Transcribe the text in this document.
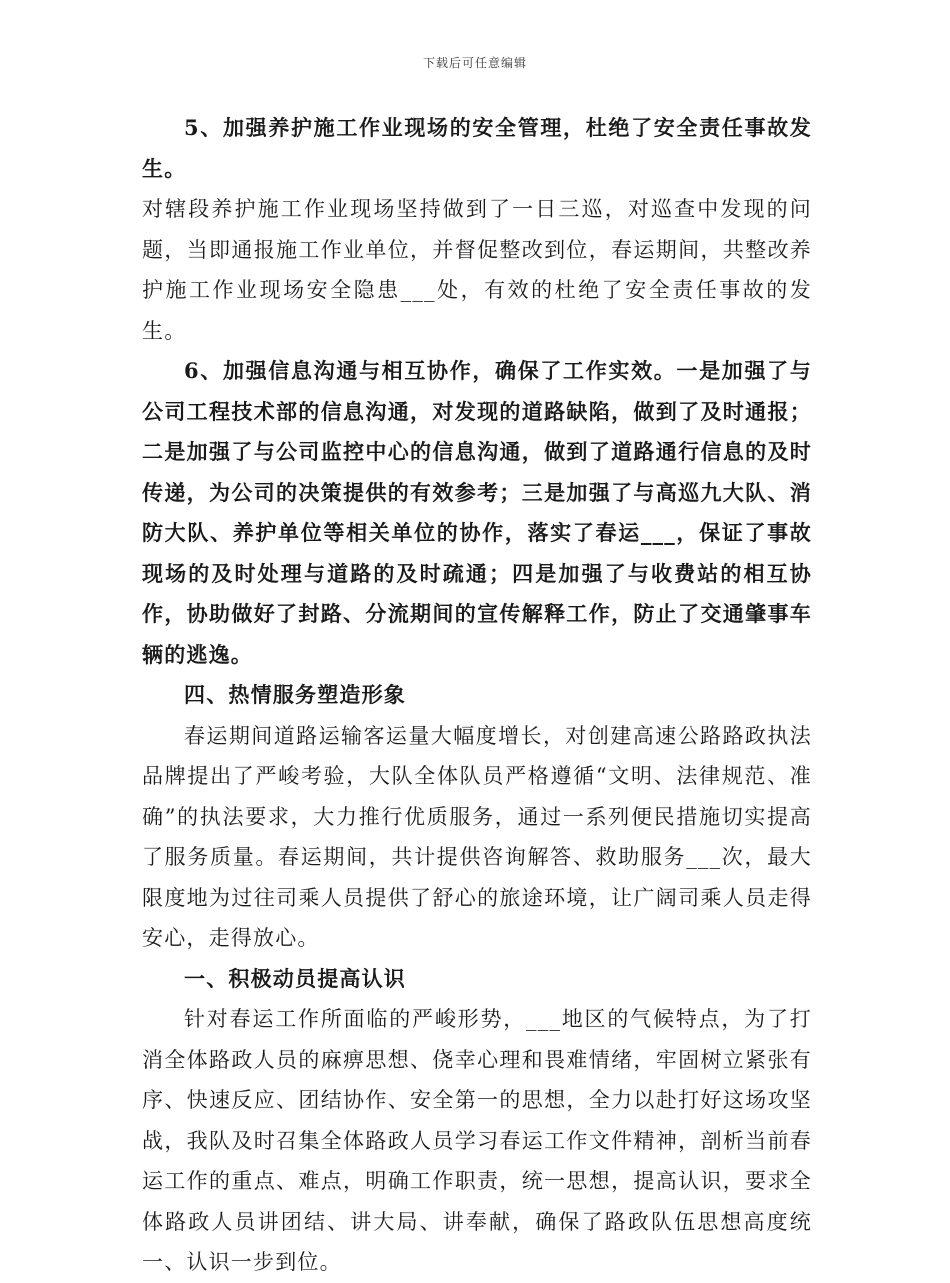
下载后可任意编辑

5、加强养护施工作业现场的安全管理，杜绝了安全责任事故发生。

对辖段养护施工作业现场坚持做到了一日三巡，对巡查中发现的问题，当即通报施工作业单位，并督促整改到位，春运期间，共整改养护施工作业现场安全隐患___处，有效的杜绝了安全责任事故的发生。

6、加强信息沟通与相互协作，确保了工作实效。一是加强了与公司工程技术部的信息沟通，对发现的道路缺陷，做到了及时通报；二是加强了与公司监控中心的信息沟通，做到了道路通行信息的及时传递，为公司的决策提供的有效参考；三是加强了与高巡九大队、消防大队、养护单位等相关单位的协作，落实了春运___，保证了事故现场的及时处理与道路的及时疏通；四是加强了与收费站的相互协作，协助做好了封路、分流期间的宣传解释工作，防止了交通肇事车辆的逃逸。

四、热情服务塑造形象

春运期间道路运输客运量大幅度增长，对创建高速公路路政执法品牌提出了严峻考验，大队全体队员严格遵循“文明、法律规范、准确”的执法要求，大力推行优质服务，通过一系列便民措施切实提高了服务质量。春运期间，共计提供咨询解答、救助服务___次，最大限度地为过往司乘人员提供了舒心的旅途环境，让广阔司乘人员走得安心，走得放心。

一、积极动员提高认识

针对春运工作所面临的严峻形势，___地区的气候特点，为了打消全体路政人员的麻痹思想、侥幸心理和畏难情绪，牢固树立紧张有序、快速反应、团结协作、安全第一的思想，全力以赴打好这场攻坚战，我队及时召集全体路政人员学习春运工作文件精神，剖析当前春运工作的重点、难点，明确工作职责，统一思想，提高认识，要求全体路政人员讲团结、讲大局、讲奉献，确保了路政队伍思想高度统一、认识一步到位。
